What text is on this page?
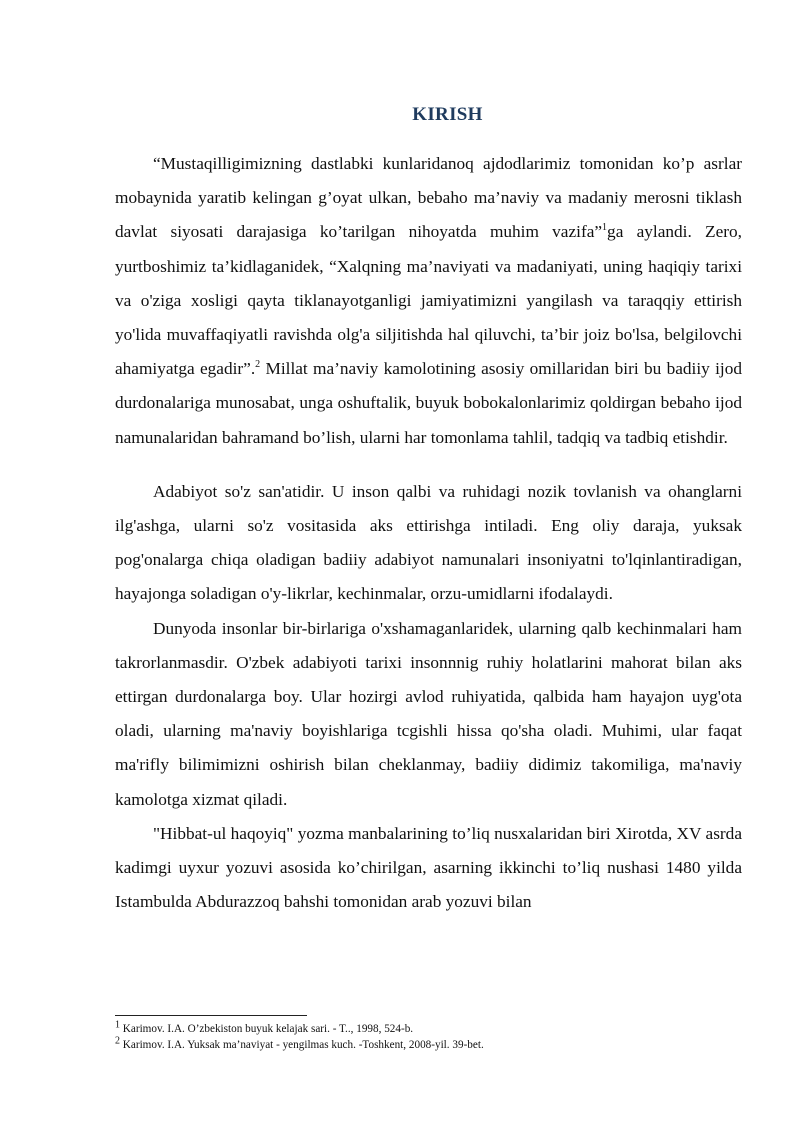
KIRISH

“Mustaqilligimizning dastlabki kunlaridanoq ajdodlarimiz tomonidan ko’p asrlar mobaynida yaratib kelingan g’oyat ulkan, bebaho ma’naviy va madaniy merosni tiklash davlat siyosati darajasiga ko’tarilgan nihoyatda muhim vazifa”$^1$ga aylandi. Zero, yurtboshimiz ta’kidlaganidek, “Xalqning ma’naviyati va madaniyati, uning haqiqiy tarixi va o'ziga xosligi qayta tiklanayotganligi jamiyatimizni yangilash va taraqqiy ettirish yo'lida muvaffaqiyatli ravishda olg'a siljitishda hal qiluvchi, ta’bir joiz bo'lsa, belgilovchi ahamiyatga egadir”.$^2$ Millat ma’naviy kamolotining asosiy omillaridan biri bu badiiy ijod durdonalariga munosabat, unga oshuftalik, buyuk bobokalonlarimiz qoldirgan bebaho ijod namunalaridan bahramand bo’lish, ularni har tomonlama tahlil, tadqiq va tadbiq etishdir.

Adabiyot so'z san'atidir. U inson qalbi va ruhidagi nozik tovlanish va ohanglarni ilg'ashga, ularni so'z vositasida aks ettirishga intiladi. Eng oliy daraja, yuksak pog'onalarga chiqa oladigan badiiy adabiyot namunalari insoniyatni to'lqinlantiradigan, hayajonga soladigan o'y-likrlar, kechinmalar, orzu-umidlarni ifodalaydi.

Dunyoda insonlar bir-birlariga o'xshamaganlaridek, ularning qalb kechinmalari ham takrorlanmasdir. O'zbek adabiyoti tarixi insonnnig ruhiy holatlarini mahorat bilan aks ettirgan durdonalarga boy. Ular hozirgi avlod ruhiyatida, qalbida ham hayajon uyg'ota oladi, ularning ma'naviy boyishlariga tcgishli hissa qo'sha oladi. Muhimi, ular faqat ma'rifly bilimimizni oshirish bilan cheklanmay, badiiy didimiz takomiliga, ma'naviy kamolotga xizmat qiladi.

"Hibbat-ul haqoyiq" yozma manbalarining to’liq nusxalaridan biri Xirotda, XV asrda kadimgi uyxur yozuvi asosida ko’chirilgan, asarning ikkinchi to’liq nushasi 1480 yilda Istambulda Abdurazzoq bahshi tomonidan arab yozuvi bilan

$^1$ Karimov. I.A. O’zbekiston buyuk kelajak sari. - T.., 1998, 524-b.
$^2$ Karimov. I.A. Yuksak ma’naviyat - yengilmas kuch. -Toshkent, 2008-yil. 39-bet.
